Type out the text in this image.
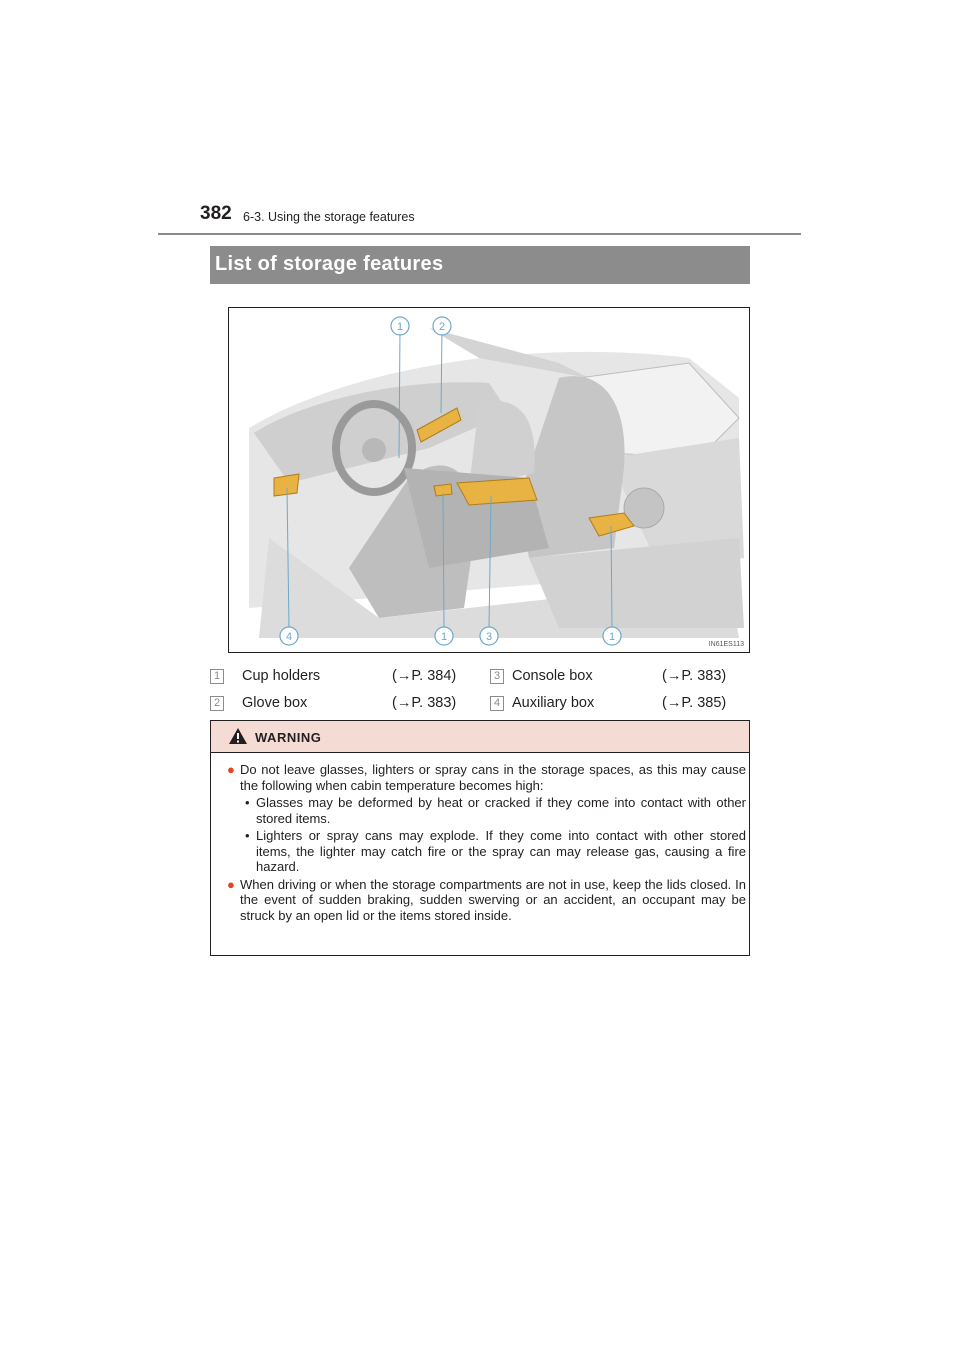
382 6-3. Using the storage features
List of storage features
1	2
4	1	3	1
IN61ES113
1 Cup holders	(→P. 384)
2 Glove box	(→P. 383)
3 Console box	(→P. 383)
4 Auxiliary box	(→P. 385)
WARNING
● Do not leave glasses, lighters or spray cans in the storage spaces, as this may cause the following when cabin temperature becomes high:
• Glasses may be deformed by heat or cracked if they come into contact with other stored items.
• Lighters or spray cans may explode. If they come into contact with other stored items, the lighter may catch fire or the spray can may release gas, causing a fire hazard.
● When driving or when the storage compartments are not in use, keep the lids closed. In the event of sudden braking, sudden swerving or an accident, an occupant may be struck by an open lid or the items stored inside.
